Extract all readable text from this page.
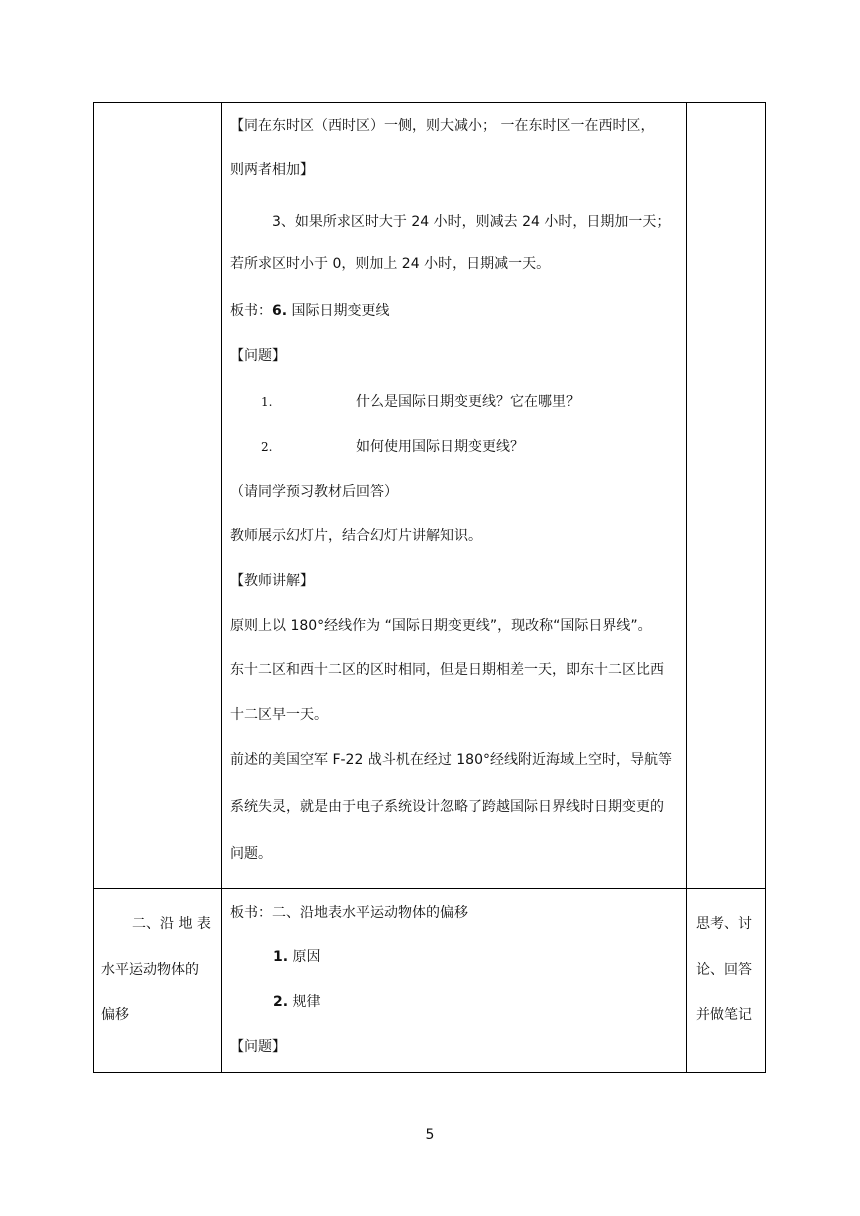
【同在东时区（西时区）一侧，则大减小； 一在东时区一在西时区，
则两者相加】
3、如果所求区时大于 24 小时，则减去 24 小时，日期加一天；
若所求区时小于 0，则加上 24 小时，日期减一天。
板书：6. 国际日期变更线
【问题】
1.	什么是国际日期变更线？它在哪里？
2.	如何使用国际日期变更线？
（请同学预习教材后回答）
教师展示幻灯片，结合幻灯片讲解知识。
【教师讲解】
原则上以 180°经线作为 “国际日期变更线”，现改称“国际日界线”。
东十二区和西十二区的区时相同，但是日期相差一天，即东十二区比西
十二区早一天。
前述的美国空军 F-22 战斗机在经过 180°经线附近海域上空时，导航等
系统失灵，就是由于电子系统设计忽略了跨越国际日界线时日期变更的
问题。
二、沿 地 表
水平运动物体的
偏移
板书：二、沿地表水平运动物体的偏移
1. 原因
2. 规律
【问题】
思考、讨
论、回答
并做笔记
5
